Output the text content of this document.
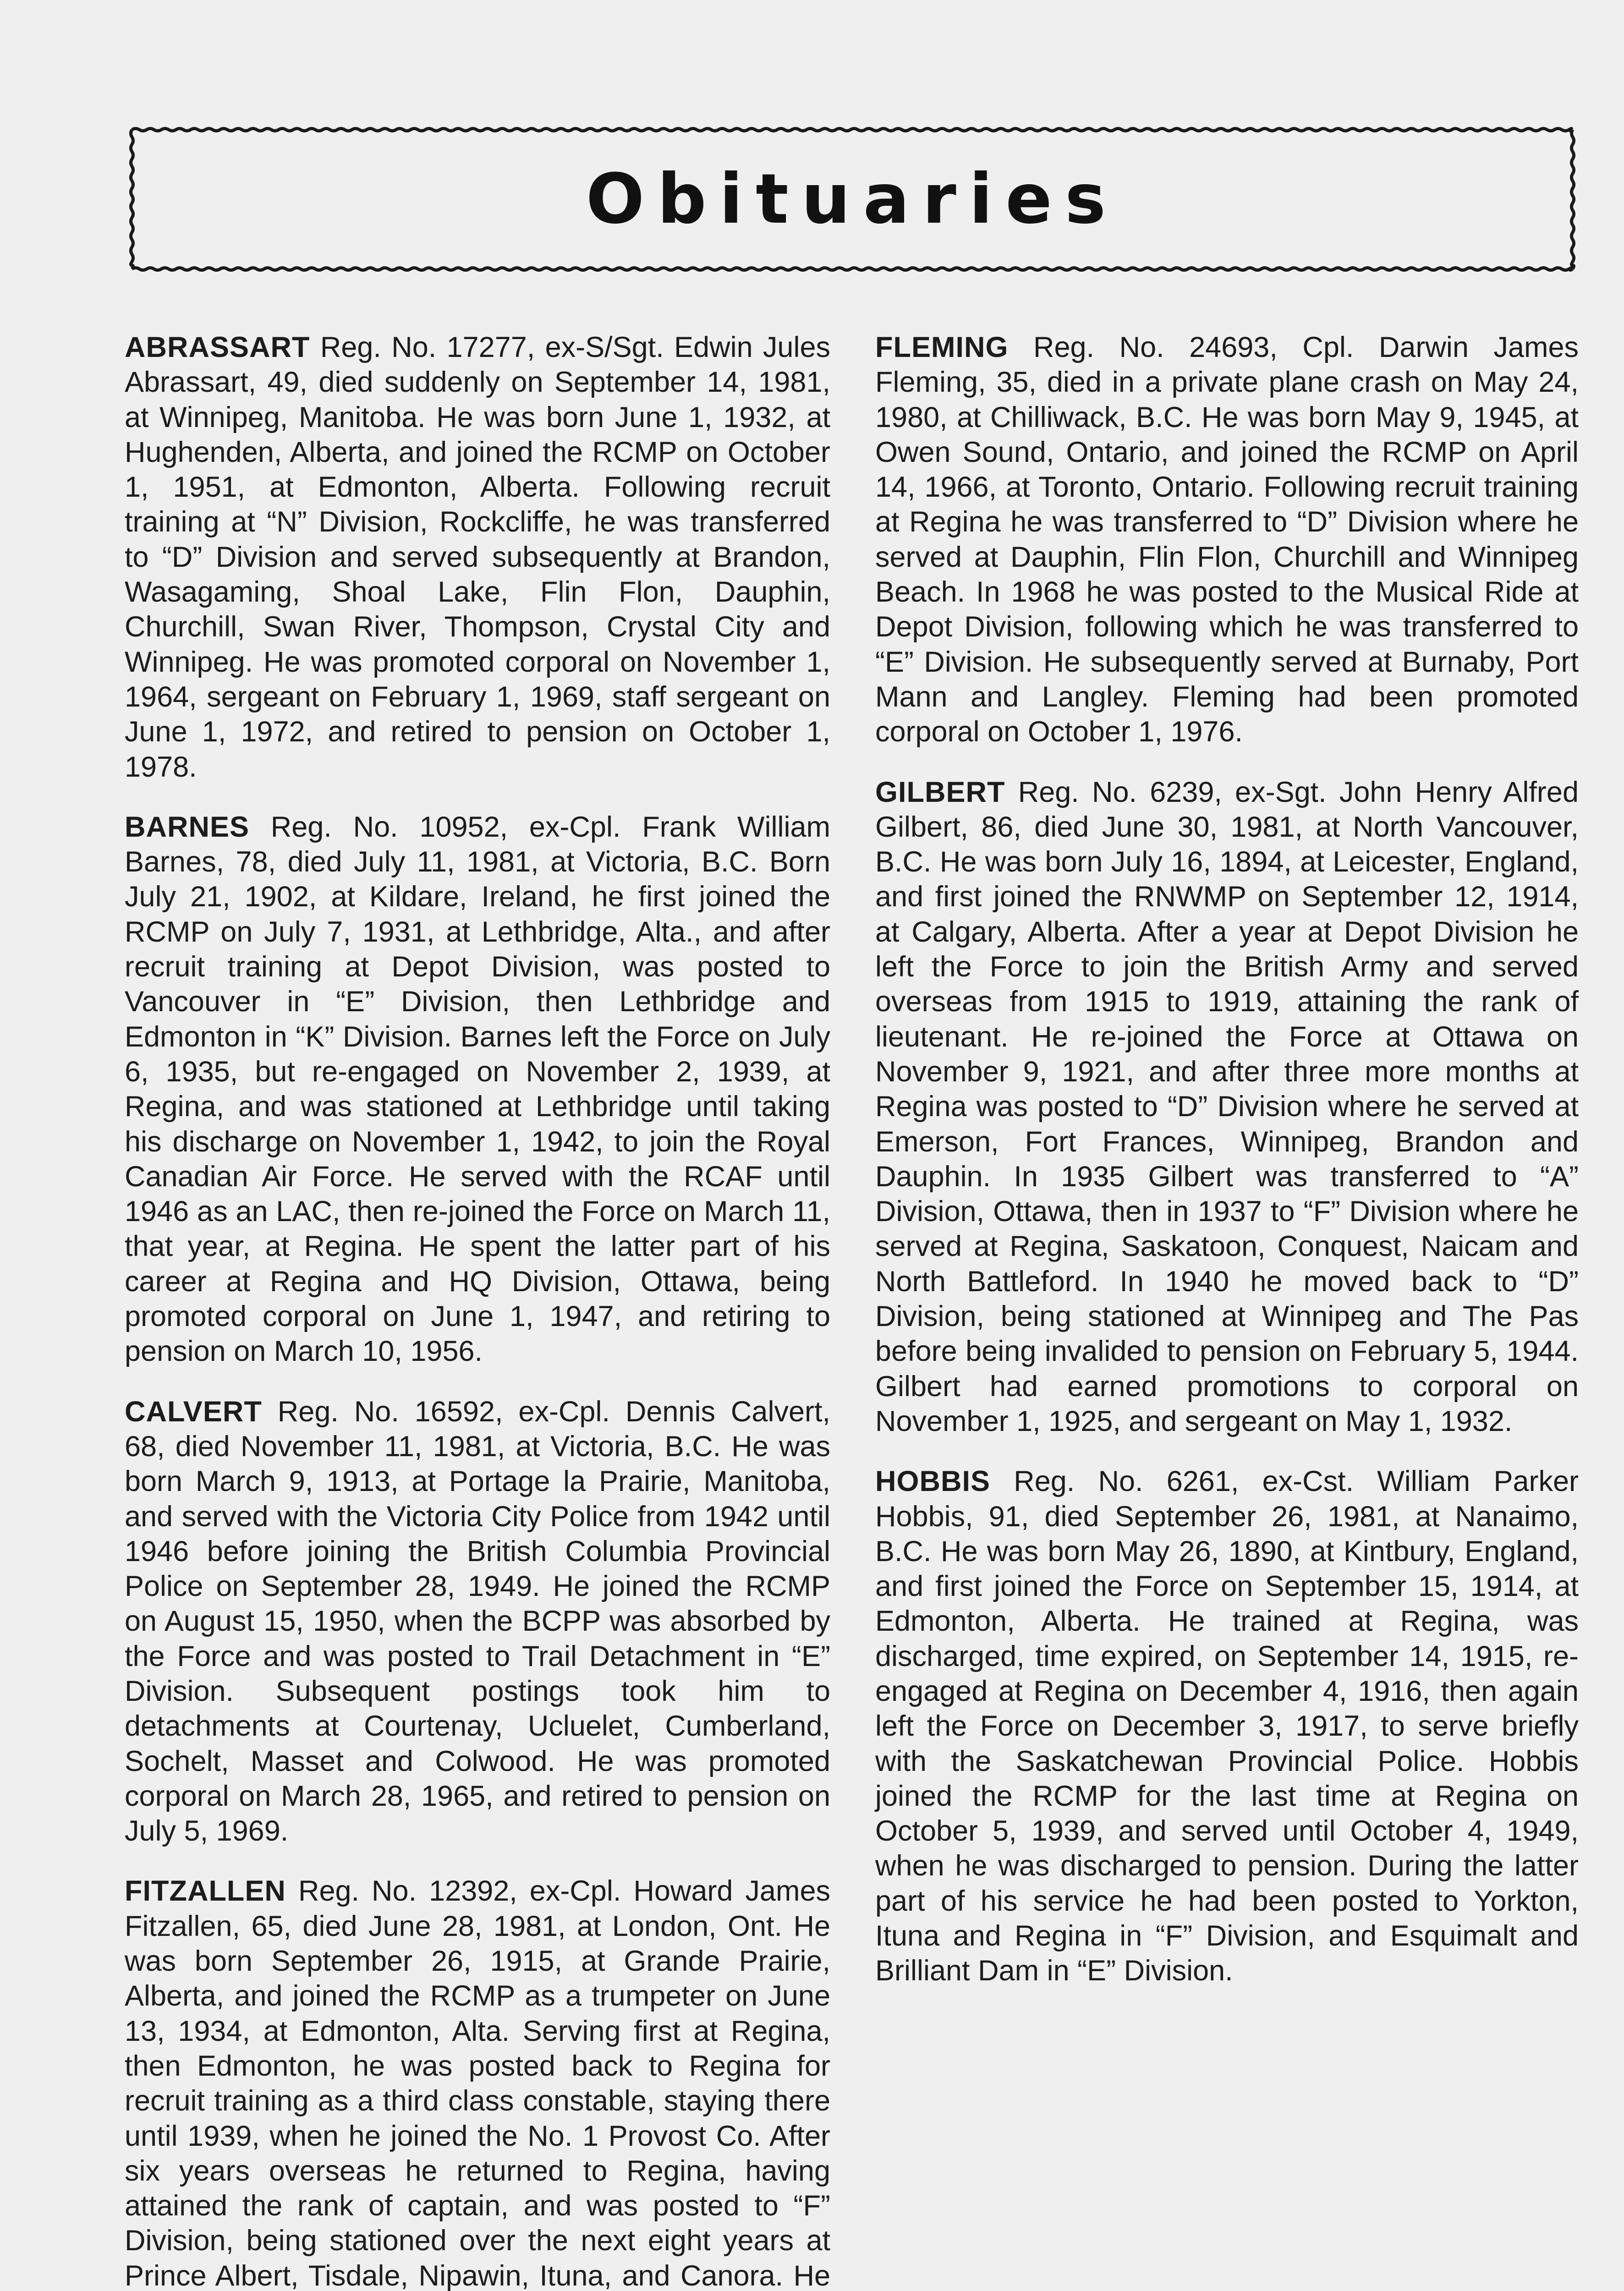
Obituaries

ABRASSART Reg. No. 17277, ex-S/Sgt. Edwin Jules Abrassart, 49, died suddenly on September 14, 1981, at Winnipeg, Manitoba. He was born June 1, 1932, at Hughenden, Alberta, and joined the RCMP on October 1, 1951, at Edmonton, Alberta. Following recruit training at “N” Division, Rockcliffe, he was transferred to “D” Division and served subsequently at Brandon, Wasagaming, Shoal Lake, Flin Flon, Dauphin, Churchill, Swan River, Thompson, Crystal City and Winnipeg. He was promoted corporal on November 1, 1964, sergeant on February 1, 1969, staff sergeant on June 1, 1972, and retired to pension on October 1, 1978.

BARNES Reg. No. 10952, ex-Cpl. Frank William Barnes, 78, died July 11, 1981, at Victoria, B.C. Born July 21, 1902, at Kildare, Ireland, he first joined the RCMP on July 7, 1931, at Lethbridge, Alta., and after recruit training at Depot Division, was posted to Vancouver in “E” Division, then Lethbridge and Edmonton in “K” Division. Barnes left the Force on July 6, 1935, but re-engaged on November 2, 1939, at Regina, and was stationed at Lethbridge until taking his discharge on November 1, 1942, to join the Royal Canadian Air Force. He served with the RCAF until 1946 as an LAC, then re-joined the Force on March 11, that year, at Regina. He spent the latter part of his career at Regina and HQ Division, Ottawa, being promoted corporal on June 1, 1947, and retiring to pension on March 10, 1956.

CALVERT Reg. No. 16592, ex-Cpl. Dennis Calvert, 68, died November 11, 1981, at Victoria, B.C. He was born March 9, 1913, at Portage la Prairie, Manitoba, and served with the Victoria City Police from 1942 until 1946 before joining the British Columbia Provincial Police on September 28, 1949. He joined the RCMP on August 15, 1950, when the BCPP was absorbed by the Force and was posted to Trail Detachment in “E” Division. Subsequent postings took him to detachments at Courtenay, Ucluelet, Cumberland, Sochelt, Masset and Colwood. He was promoted corporal on March 28, 1965, and retired to pension on July 5, 1969.

FITZALLEN Reg. No. 12392, ex-Cpl. Howard James Fitzallen, 65, died June 28, 1981, at London, Ont. He was born September 26, 1915, at Grande Prairie, Alberta, and joined the RCMP as a trumpeter on June 13, 1934, at Edmonton, Alta. Serving first at Regina, then Edmonton, he was posted back to Regina for recruit training as a third class constable, staying there until 1939, when he joined the No. 1 Provost Co. After six years overseas he returned to Regina, having attained the rank of captain, and was posted to “F” Division, being stationed over the next eight years at Prince Albert, Tisdale, Nipawin, Ituna, and Canora. He

FLEMING Reg. No. 24693, Cpl. Darwin James Fleming, 35, died in a private plane crash on May 24, 1980, at Chilliwack, B.C. He was born May 9, 1945, at Owen Sound, Ontario, and joined the RCMP on April 14, 1966, at Toronto, Ontario. Following recruit training at Regina he was transferred to “D” Division where he served at Dauphin, Flin Flon, Churchill and Winnipeg Beach. In 1968 he was posted to the Musical Ride at Depot Division, following which he was transferred to “E” Division. He subsequently served at Burnaby, Port Mann and Langley. Fleming had been promoted corporal on October 1, 1976.

GILBERT Reg. No. 6239, ex-Sgt. John Henry Alfred Gilbert, 86, died June 30, 1981, at North Vancouver, B.C. He was born July 16, 1894, at Leicester, England, and first joined the RNWMP on September 12, 1914, at Calgary, Alberta. After a year at Depot Division he left the Force to join the British Army and served overseas from 1915 to 1919, attaining the rank of lieutenant. He re-joined the Force at Ottawa on November 9, 1921, and after three more months at Regina was posted to “D” Division where he served at Emerson, Fort Frances, Winnipeg, Brandon and Dauphin. In 1935 Gilbert was transferred to “A” Division, Ottawa, then in 1937 to “F” Division where he served at Regina, Saskatoon, Conquest, Naicam and North Battleford. In 1940 he moved back to “D” Division, being stationed at Winnipeg and The Pas before being invalided to pension on February 5, 1944. Gilbert had earned promotions to corporal on November 1, 1925, and sergeant on May 1, 1932.

HOBBIS Reg. No. 6261, ex-Cst. William Parker Hobbis, 91, died September 26, 1981, at Nanaimo, B.C. He was born May 26, 1890, at Kintbury, England, and first joined the Force on September 15, 1914, at Edmonton, Alberta. He trained at Regina, was discharged, time expired, on September 14, 1915, re-engaged at Regina on December 4, 1916, then again left the Force on December 3, 1917, to serve briefly with the Saskatchewan Provincial Police. Hobbis joined the RCMP for the last time at Regina on October 5, 1939, and served until October 4, 1949, when he was discharged to pension. During the latter part of his service he had been posted to Yorkton, Ituna and Regina in “F” Division, and Esquimalt and Brilliant Dam in “E” Division.
